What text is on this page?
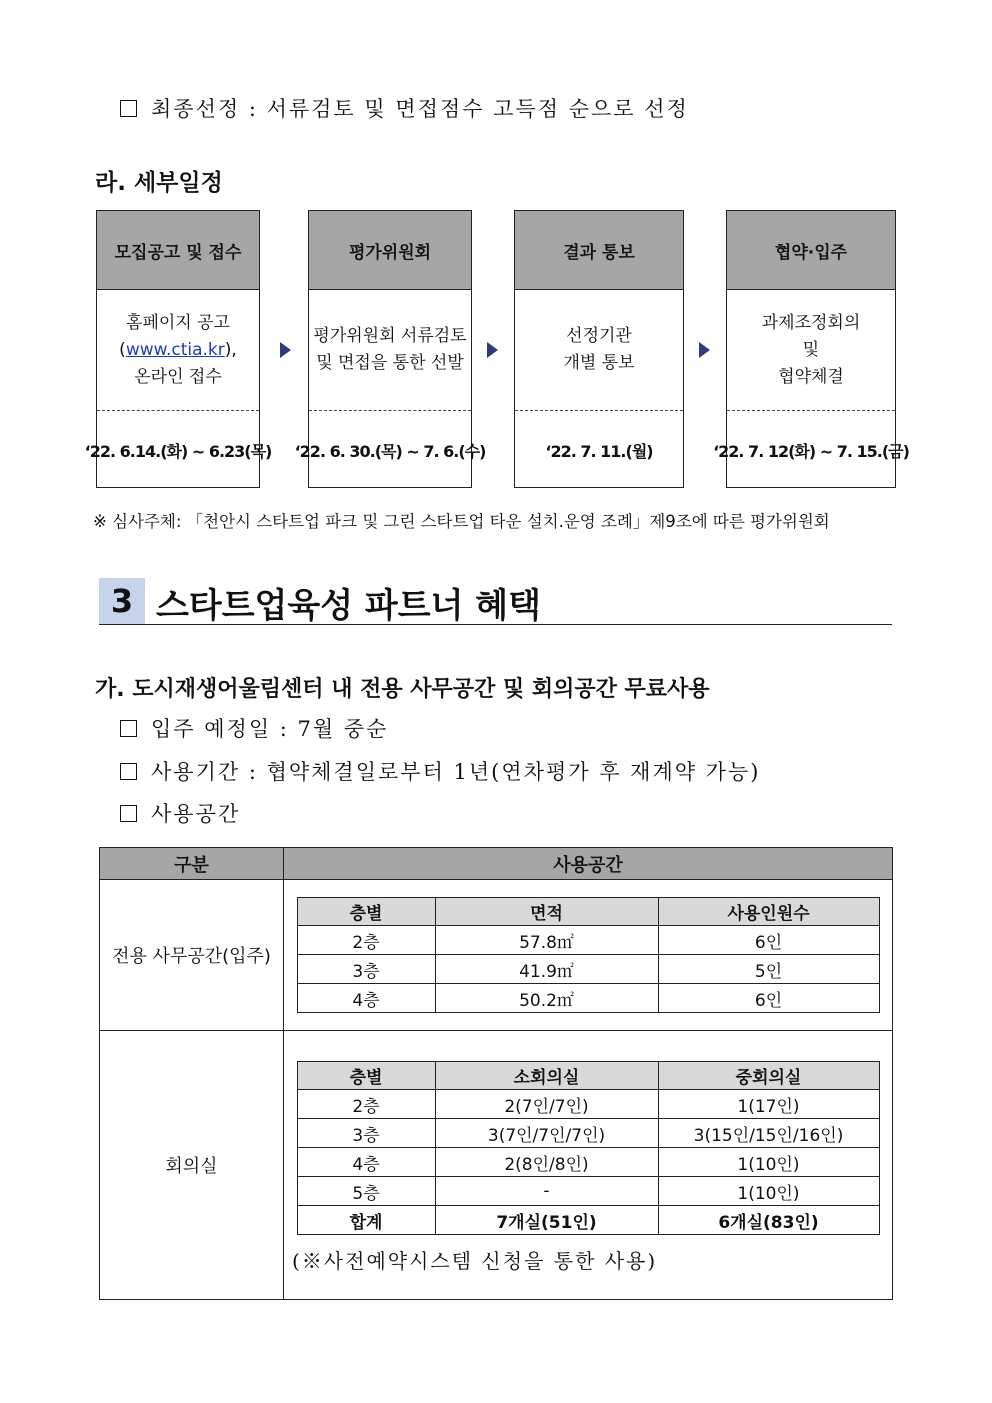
최종선정 : 서류검토 및 면접점수 고득점 순으로 선정
라. 세부일정
모집공고 및 접수
홈페이지 공고
(www.ctia.kr),
온라인 접수
‘22. 6.14.(화) ~ 6.23(목)
평가위원회
평가위원회 서류검토
및 면접을 통한 선발
‘22. 6. 30.(목) ~ 7. 6.(수)
결과 통보
선정기관
개별 통보
‘22. 7. 11.(월)
협약·입주
과제조정회의
및
협약체결
‘22. 7. 12(화) ~ 7. 15.(금)
※ 심사주체: 「천안시 스타트업 파크 및 그린 스타트업 타운 설치.운영 조례」제9조에 따른 평가위원회
3 스타트업육성 파트너 혜택
가. 도시재생어울림센터 내 전용 사무공간 및 회의공간 무료사용
입주 예정일 : 7월 중순
사용기간 : 협약체결일로부터 1년(연차평가 후 재계약 가능)
사용공간
구분	사용공간
전용 사무공간(입주)	
층별	면적	사용인원수
2층	57.8㎡	6인
3층	41.9㎡	5인
4층	50.2㎡	6인

회의실	
층별	소회의실	중회의실
2층	2(7인/7인)	1(17인)
3층	3(7인/7인/7인)	3(15인/15인/16인)
4층	2(8인/8인)	1(10인)
5층	-	1(10인)
합계	7개실(51인)	6개실(83인)
(※사전예약시스템 신청을 통한 사용)
